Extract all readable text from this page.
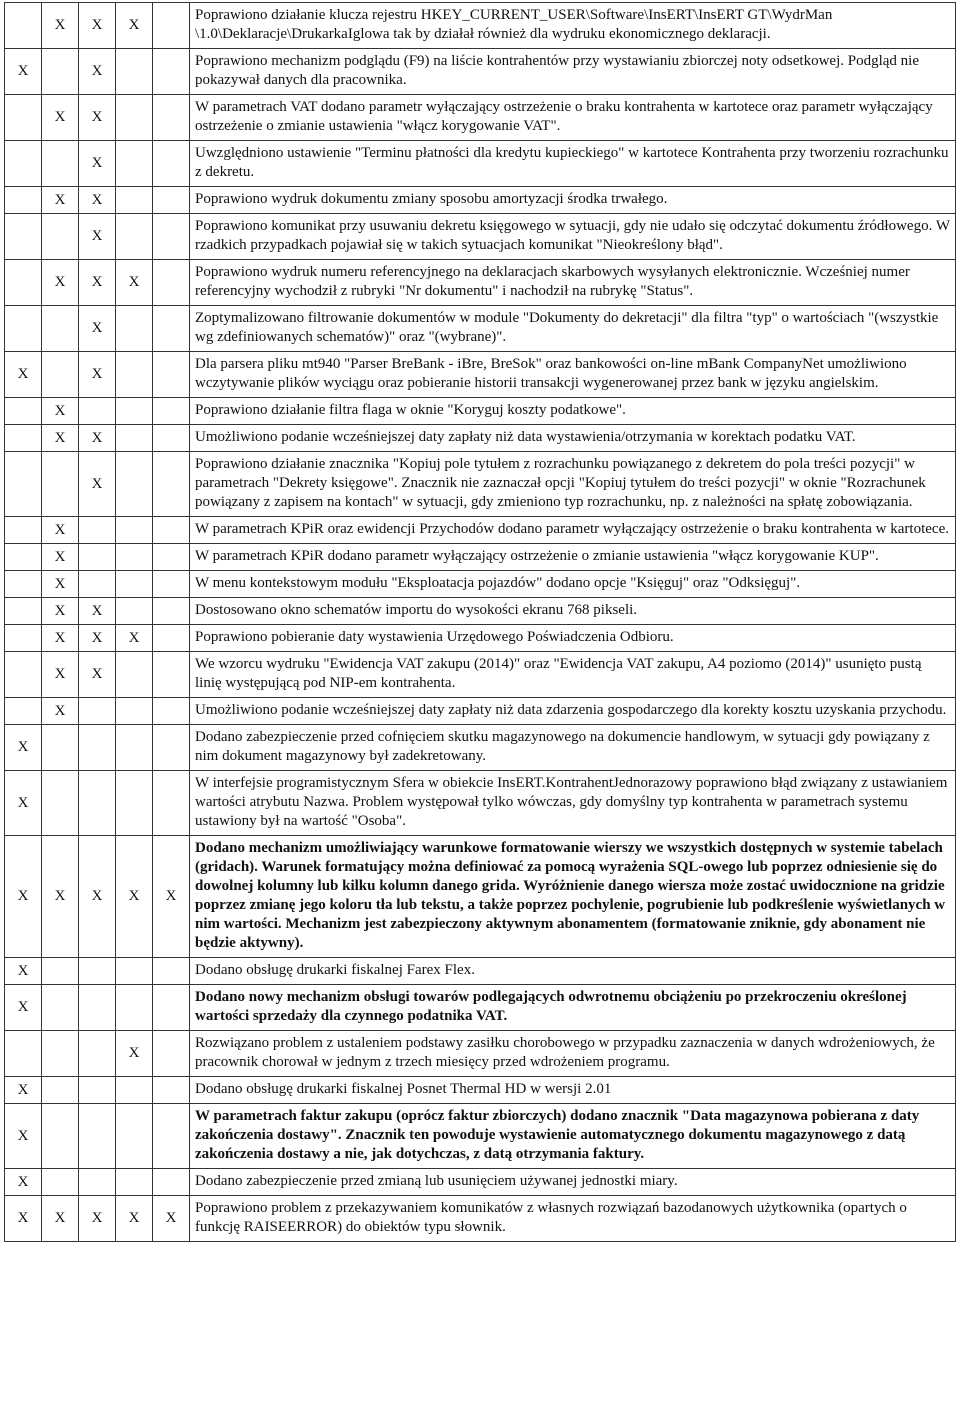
	X	X	X		Poprawiono działanie klucza rejestru HKEY_CURRENT_USER\Software\InsERT\InsERT GT\WydrMan \1.0\Deklaracje\DrukarkaIglowa tak by działał również dla wydruku ekonomicznego deklaracji.
X		X			Poprawiono mechanizm podglądu (F9) na liście kontrahentów przy wystawianiu zbiorczej noty odsetkowej. Podgląd nie pokazywał danych dla pracownika.
	X	X			W parametrach VAT dodano parametr wyłączający ostrzeżenie o braku kontrahenta w kartotece oraz parametr wyłączający ostrzeżenie o zmianie ustawienia "włącz korygowanie VAT".
		X			Uwzględniono ustawienie "Terminu płatności dla kredytu kupieckiego" w kartotece Kontrahenta przy tworzeniu rozrachunku z dekretu.
	X	X			Poprawiono wydruk dokumentu zmiany sposobu amortyzacji środka trwałego.
		X			Poprawiono komunikat przy usuwaniu dekretu księgowego w sytuacji, gdy nie udało się odczytać dokumentu źródłowego. W rzadkich przypadkach pojawiał się w takich sytuacjach komunikat "Nieokreślony błąd".
	X	X	X		Poprawiono wydruk numeru referencyjnego na deklaracjach skarbowych wysyłanych elektronicznie. Wcześniej numer referencyjny wychodził z rubryki "Nr dokumentu" i nachodził na rubrykę "Status".
		X			Zoptymalizowano filtrowanie dokumentów w module "Dokumenty do dekretacji" dla filtra "typ" o wartościach "(wszystkie wg zdefiniowanych schematów)" oraz "(wybrane)".
X		X			Dla parsera pliku mt940 "Parser BreBank - iBre, BreSok" oraz bankowości on-line mBank CompanyNet umożliwiono wczytywanie plików wyciągu oraz pobieranie historii transakcji wygenerowanej przez bank w języku angielskim.
	X				Poprawiono działanie filtra flaga w oknie "Koryguj koszty podatkowe".
	X	X			Umożliwiono podanie wcześniejszej daty zapłaty niż data wystawienia/otrzymania w korektach podatku VAT.
		X			Poprawiono działanie znacznika "Kopiuj pole tytułem z rozrachunku powiązanego z dekretem do pola treści pozycji" w parametrach "Dekrety księgowe". Znacznik nie zaznaczał opcji "Kopiuj tytułem do treści pozycji" w oknie "Rozrachunek powiązany z zapisem na kontach" w sytuacji, gdy zmieniono typ rozrachunku, np. z należności na spłatę zobowiązania.
	X				W parametrach KPiR oraz ewidencji Przychodów dodano parametr wyłączający ostrzeżenie o braku kontrahenta w kartotece.
	X				W parametrach KPiR dodano parametr wyłączający ostrzeżenie o zmianie ustawienia "włącz korygowanie KUP".
	X				W menu kontekstowym modułu "Eksploatacja pojazdów" dodano opcje "Księguj" oraz "Odksięguj".
	X	X			Dostosowano okno schematów importu do wysokości ekranu 768 pikseli.
	X	X	X		Poprawiono pobieranie daty wystawienia Urzędowego Poświadczenia Odbioru.
	X	X			We wzorcu wydruku "Ewidencja VAT zakupu (2014)" oraz "Ewidencja VAT zakupu, A4 poziomo (2014)" usunięto pustą linię występującą pod NIP-em kontrahenta.
	X				Umożliwiono podanie wcześniejszej daty zapłaty niż data zdarzenia gospodarczego dla korekty kosztu uzyskania przychodu.
X					Dodano zabezpieczenie przed cofnięciem skutku magazynowego na dokumencie handlowym, w sytuacji gdy powiązany z nim dokument magazynowy był zadekretowany.
X					W interfejsie programistycznym Sfera w obiekcie InsERT.KontrahentJednorazowy poprawiono błąd związany z ustawianiem wartości atrybutu Nazwa. Problem występował tylko wówczas, gdy domyślny typ kontrahenta w parametrach systemu ustawiony był na wartość "Osoba".
X	X	X	X	X	Dodano mechanizm umożliwiający warunkowe formatowanie wierszy we wszystkich dostępnych w systemie tabelach (gridach). Warunek formatujący można definiować za pomocą wyrażenia SQL-owego lub poprzez odniesienie się do dowolnej kolumny lub kilku kolumn danego grida. Wyróżnienie danego wiersza może zostać uwidocznione na gridzie poprzez zmianę jego koloru tła lub tekstu, a także poprzez pochylenie, pogrubienie lub podkreślenie wyświetlanych w nim wartości. Mechanizm jest zabezpieczony aktywnym abonamentem (formatowanie zniknie, gdy abonament nie będzie aktywny).
X					Dodano obsługę drukarki fiskalnej Farex Flex.
X					Dodano nowy mechanizm obsługi towarów podlegających odwrotnemu obciążeniu po przekroczeniu określonej wartości sprzedaży dla czynnego podatnika VAT.
			X		Rozwiązano problem z ustaleniem podstawy zasiłku chorobowego w przypadku zaznaczenia w danych wdrożeniowych, że pracownik chorował w jednym z trzech miesięcy przed wdrożeniem programu.
X					Dodano obsługę drukarki fiskalnej Posnet Thermal HD w wersji 2.01
X					W parametrach faktur zakupu (oprócz faktur zbiorczych) dodano znacznik "Data magazynowa pobierana z daty zakończenia dostawy". Znacznik ten powoduje wystawienie automatycznego dokumentu magazynowego z datą zakończenia dostawy a nie, jak dotychczas, z datą otrzymania faktury.
X					Dodano zabezpieczenie przed zmianą lub usunięciem używanej jednostki miary.
X	X	X	X	X	Poprawiono problem z przekazywaniem komunikatów z własnych rozwiązań bazodanowych użytkownika (opartych o funkcję RAISEERROR) do obiektów typu słownik.
